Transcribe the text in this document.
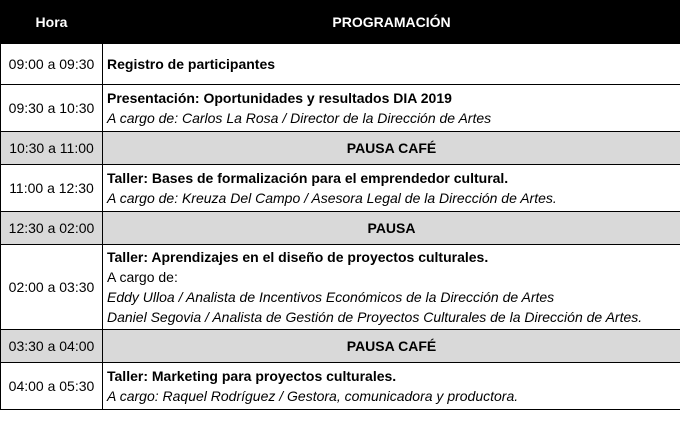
Hora	PROGRAMACIÓN
09:00 a 09:30	Registro de participantes

09:30 a 10:30	Presentación: Oportunidades y resultados DIA 2019
A cargo de: Carlos La Rosa / Director de la Dirección de Artes

10:30 a 11:00	PAUSA CAFÉ
11:00 a 12:30	Taller: Bases de formalización para el emprendedor cultural.
A cargo de: Kreuza Del Campo / Asesora Legal de la Dirección de Artes.

12:30 a 02:00	PAUSA
02:00 a 03:30	Taller: Aprendizajes en el diseño de proyectos culturales.
A cargo de:
Eddy Ulloa / Analista de Incentivos Económicos de la Dirección de Artes
Daniel Segovia / Analista de Gestión de Proyectos Culturales de la Dirección de Artes.

03:30 a 04:00	PAUSA CAFÉ
04:00 a 05:30	Taller: Marketing para proyectos culturales.
A cargo: Raquel Rodríguez / Gestora, comunicadora y productora.
